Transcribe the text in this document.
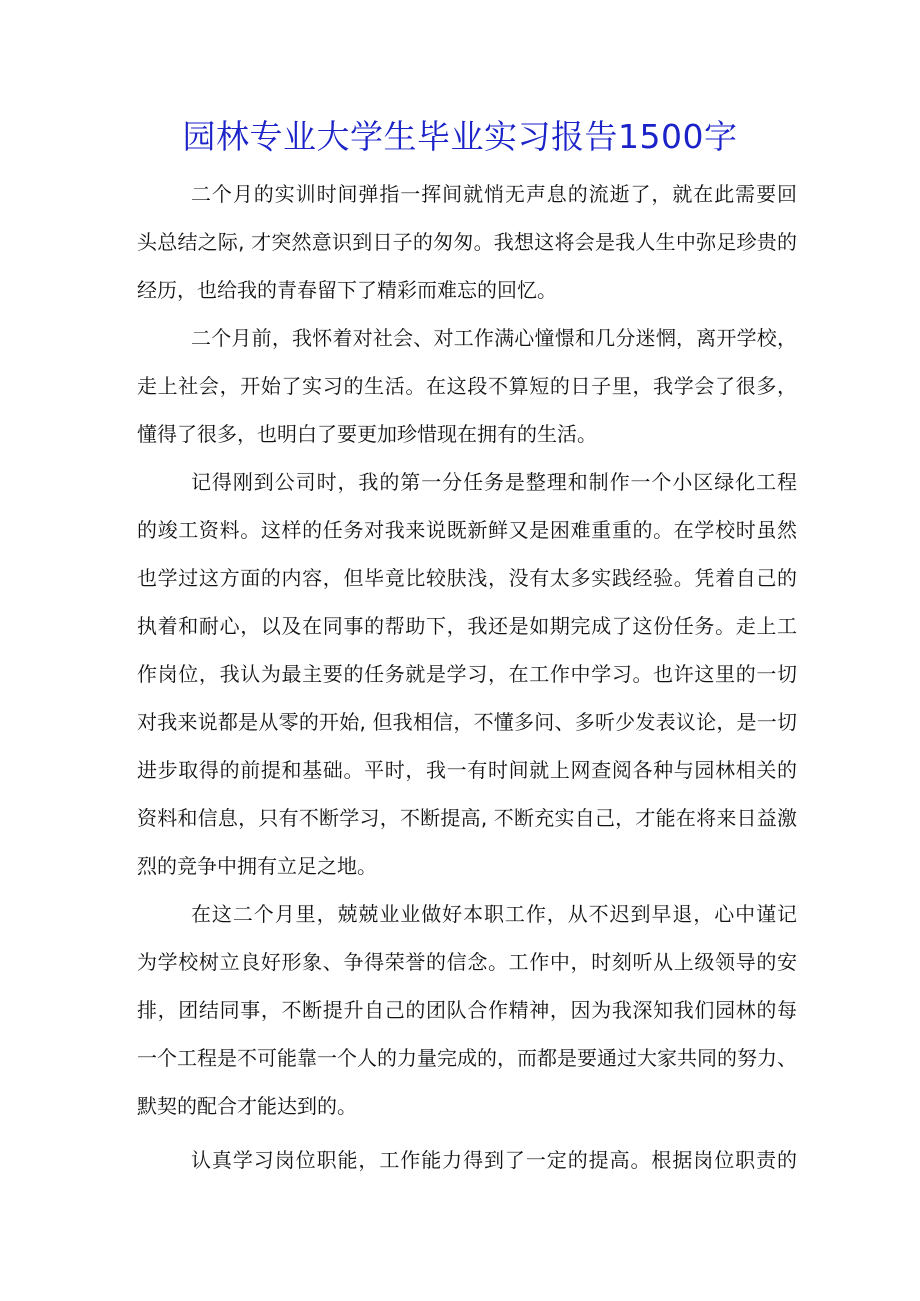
园林专业大学生毕业实习报告1500字
二个月的实训时间弹指一挥间就悄无声息的流逝了，就在此需要回
头总结之际, 才突然意识到日子的匆匆。我想这将会是我人生中弥足珍贵的
经历，也给我的青春留下了精彩而难忘的回忆。
二个月前，我怀着对社会、对工作满心憧憬和几分迷惘，离开学校，
走上社会，开始了实习的生活。在这段不算短的日子里，我学会了很多，
懂得了很多，也明白了要更加珍惜现在拥有的生活。
记得刚到公司时，我的第一分任务是整理和制作一个小区绿化工程
的竣工资料。这样的任务对我来说既新鲜又是困难重重的。在学校时虽然
也学过这方面的内容，但毕竟比较肤浅，没有太多实践经验。凭着自己的
执着和耐心，以及在同事的帮助下，我还是如期完成了这份任务。走上工
作岗位，我认为最主要的任务就是学习，在工作中学习。也许这里的一切
对我来说都是从零的开始, 但我相信，不懂多问、多听少发表议论，是一切
进步取得的前提和基础。平时，我一有时间就上网查阅各种与园林相关的
资料和信息，只有不断学习，不断提高, 不断充实自己，才能在将来日益激
烈的竞争中拥有立足之地。
在这二个月里，兢兢业业做好本职工作，从不迟到早退，心中谨记
为学校树立良好形象、争得荣誉的信念。工作中，时刻听从上级领导的安
排，团结同事，不断提升自己的团队合作精神，因为我深知我们园林的每
一个工程是不可能靠一个人的力量完成的，而都是要通过大家共同的努力、
默契的配合才能达到的。
认真学习岗位职能，工作能力得到了一定的提高。根据岗位职责的
